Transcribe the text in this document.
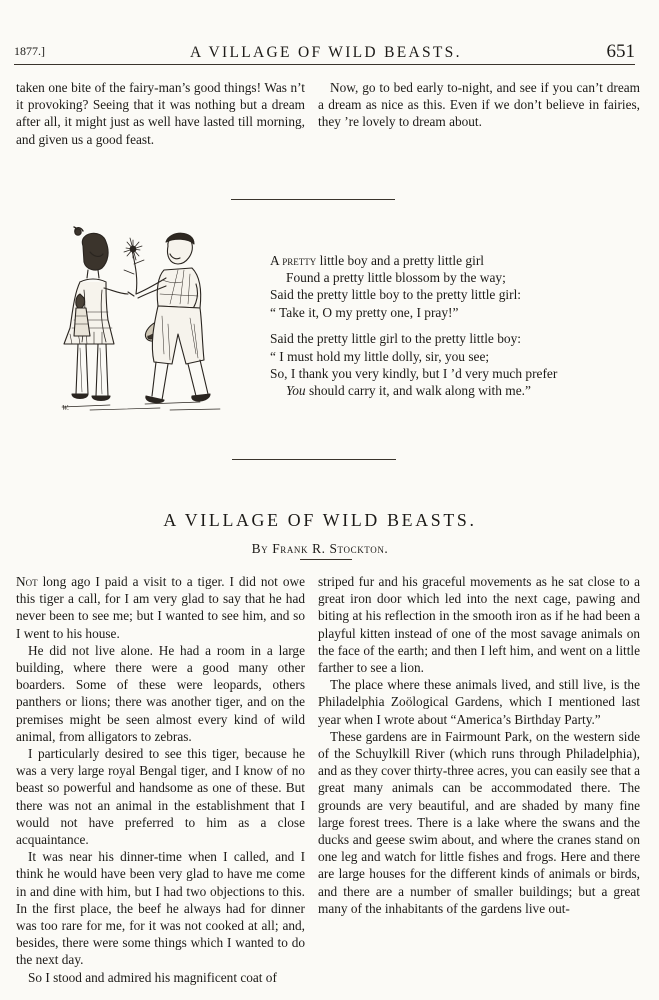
1877.]	A VILLAGE OF WILD BEASTS.	651

taken one bite of the fairy-man’s good things! Was n’t it provoking? Seeing that it was nothing but a dream after all, it might just as well have lasted till morning, and given us a good feast.

Now, go to bed early to-night, and see if you can’t dream a dream as nice as this. Even if we don’t believe in fairies, they ’re lovely to dream about.

W.
A pretty little boy and a pretty little girl
Found a pretty little blossom by the way;
Said the pretty little boy to the pretty little girl:
“ Take it, O my pretty one, I pray!”
Said the pretty little girl to the pretty little boy:
“ I must hold my little dolly, sir, you see;
So, I thank you very kindly, but I ’d very much prefer
You should carry it, and walk along with me.”
A VILLAGE OF WILD BEASTS.
By Frank R. Stockton.

Not long ago I paid a visit to a tiger. I did not owe this tiger a call, for I am very glad to say that he had never been to see me; but I wanted to see him, and so I went to his house.

He did not live alone. He had a room in a large building, where there were a good many other boarders. Some of these were leopards, others panthers or lions; there was another tiger, and on the premises might be seen almost every kind of wild animal, from alligators to zebras.

I particularly desired to see this tiger, because he was a very large royal Bengal tiger, and I know of no beast so powerful and handsome as one of these. But there was not an animal in the establishment that I would not have preferred to him as a close acquaintance.

It was near his dinner-time when I called, and I think he would have been very glad to have me come in and dine with him, but I had two objections to this. In the first place, the beef he always had for dinner was too rare for me, for it was not cooked at all; and, besides, there were some things which I wanted to do the next day.

So I stood and admired his magnificent coat of

striped fur and his graceful movements as he sat close to a great iron door which led into the next cage, pawing and biting at his reflection in the smooth iron as if he had been a playful kitten instead of one of the most savage animals on the face of the earth; and then I left him, and went on a little farther to see a lion.

The place where these animals lived, and still live, is the Philadelphia Zoölogical Gardens, which I mentioned last year when I wrote about “America’s Birthday Party.”

These gardens are in Fairmount Park, on the western side of the Schuylkill River (which runs through Philadelphia), and as they cover thirty-three acres, you can easily see that a great many animals can be accommodated there. The grounds are very beautiful, and are shaded by many fine large forest trees. There is a lake where the swans and the ducks and geese swim about, and where the cranes stand on one leg and watch for little fishes and frogs. Here and there are large houses for the different kinds of animals or birds, and there are a number of smaller buildings; but a great many of the inhabitants of the gardens live out-
